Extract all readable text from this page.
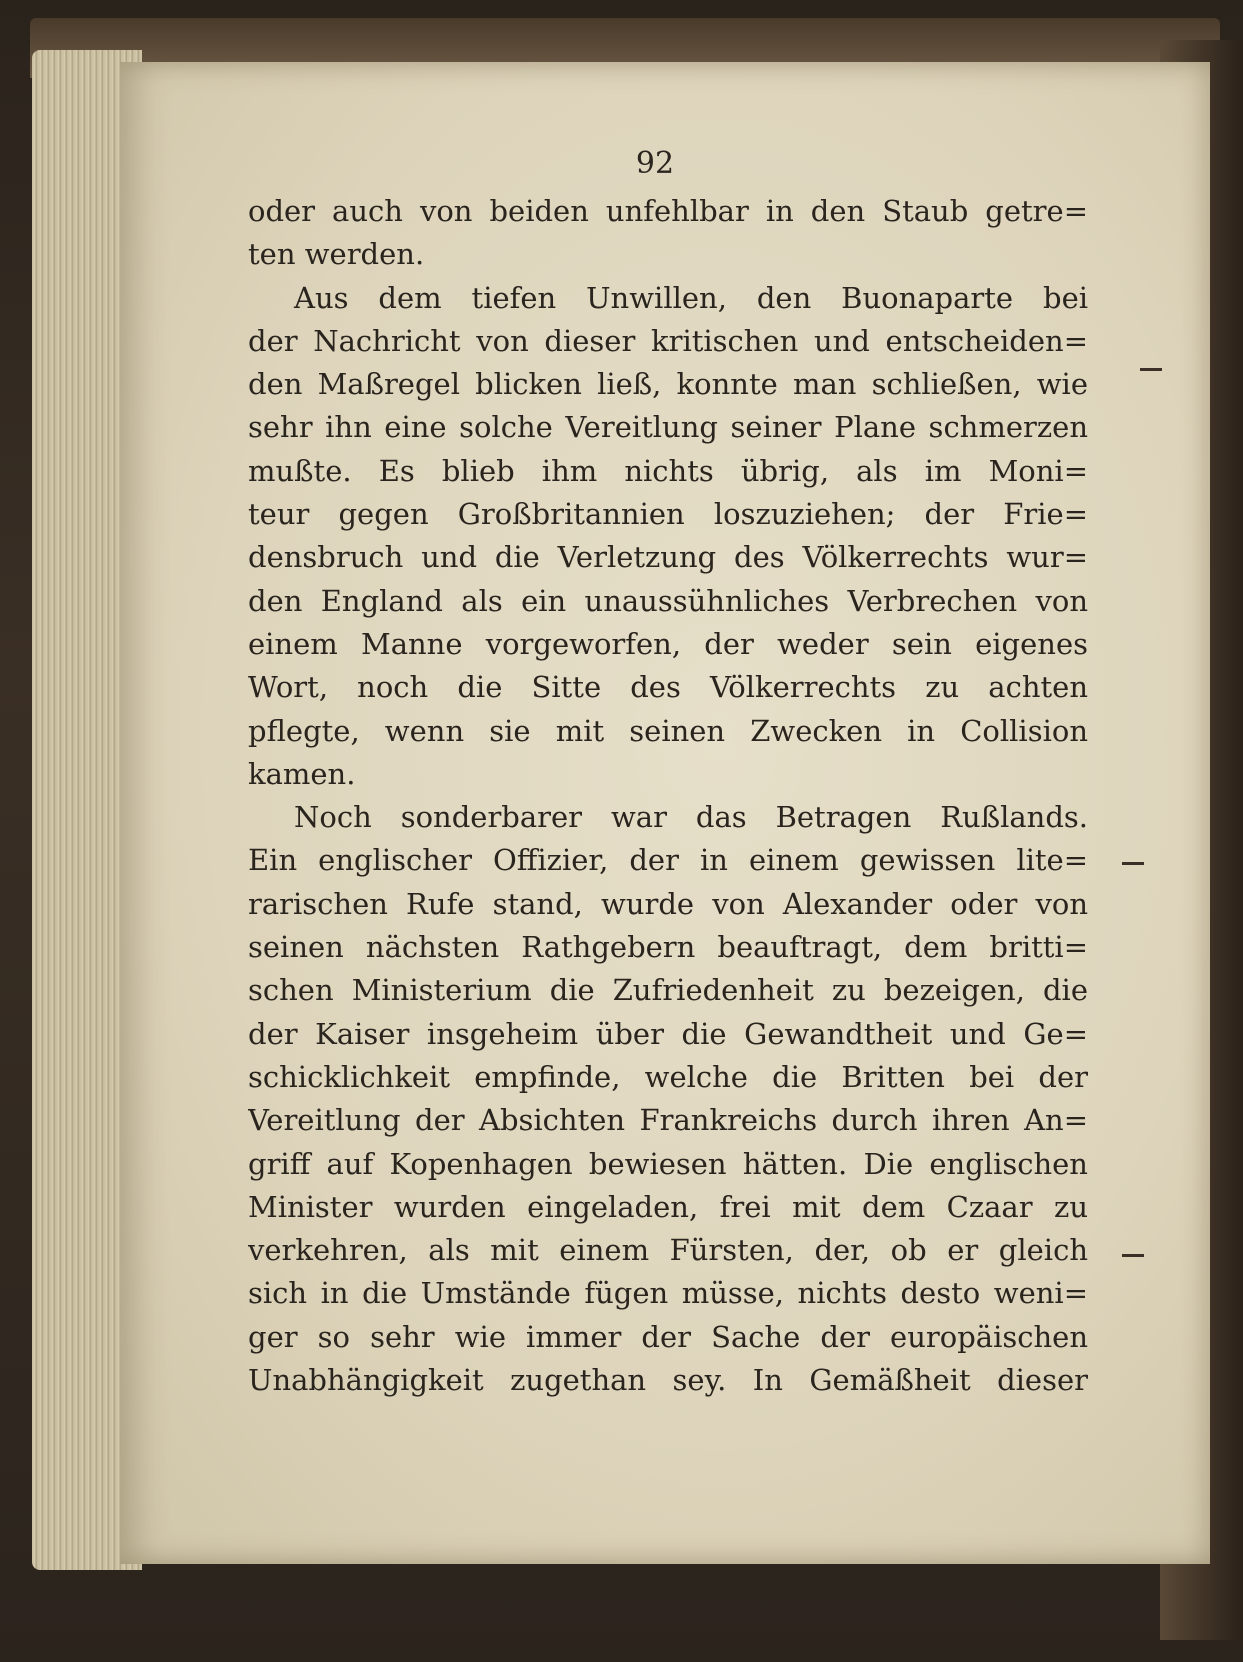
92
oder auch von beiden unfehlbar in den Staub getre=
ten werden.
Aus dem tiefen Unwillen, den Buonaparte bei
der Nachricht von dieser kritischen und entscheiden=
den Maßregel blicken ließ, konnte man schließen, wie
sehr ihn eine solche Vereitlung seiner Plane schmerzen
mußte. Es blieb ihm nichts übrig, als im Moni=
teur gegen Großbritannien loszuziehen; der Frie=
densbruch und die Verletzung des Völkerrechts wur=
den England als ein unaussühnliches Verbrechen von
einem Manne vorgeworfen, der weder sein eigenes
Wort, noch die Sitte des Völkerrechts zu achten
pflegte, wenn sie mit seinen Zwecken in Collision
kamen.
Noch sonderbarer war das Betragen Rußlands.
Ein englischer Offizier, der in einem gewissen lite=
rarischen Rufe stand, wurde von Alexander oder von
seinen nächsten Rathgebern beauftragt, dem britti=
schen Ministerium die Zufriedenheit zu bezeigen, die
der Kaiser insgeheim über die Gewandtheit und Ge=
schicklichkeit empfinde, welche die Britten bei der
Vereitlung der Absichten Frankreichs durch ihren An=
griff auf Kopenhagen bewiesen hätten. Die englischen
Minister wurden eingeladen, frei mit dem Czaar zu
verkehren, als mit einem Fürsten, der, ob er gleich
sich in die Umstände fügen müsse, nichts desto weni=
ger so sehr wie immer der Sache der europäischen
Unabhängigkeit zugethan sey. In Gemäßheit dieser
